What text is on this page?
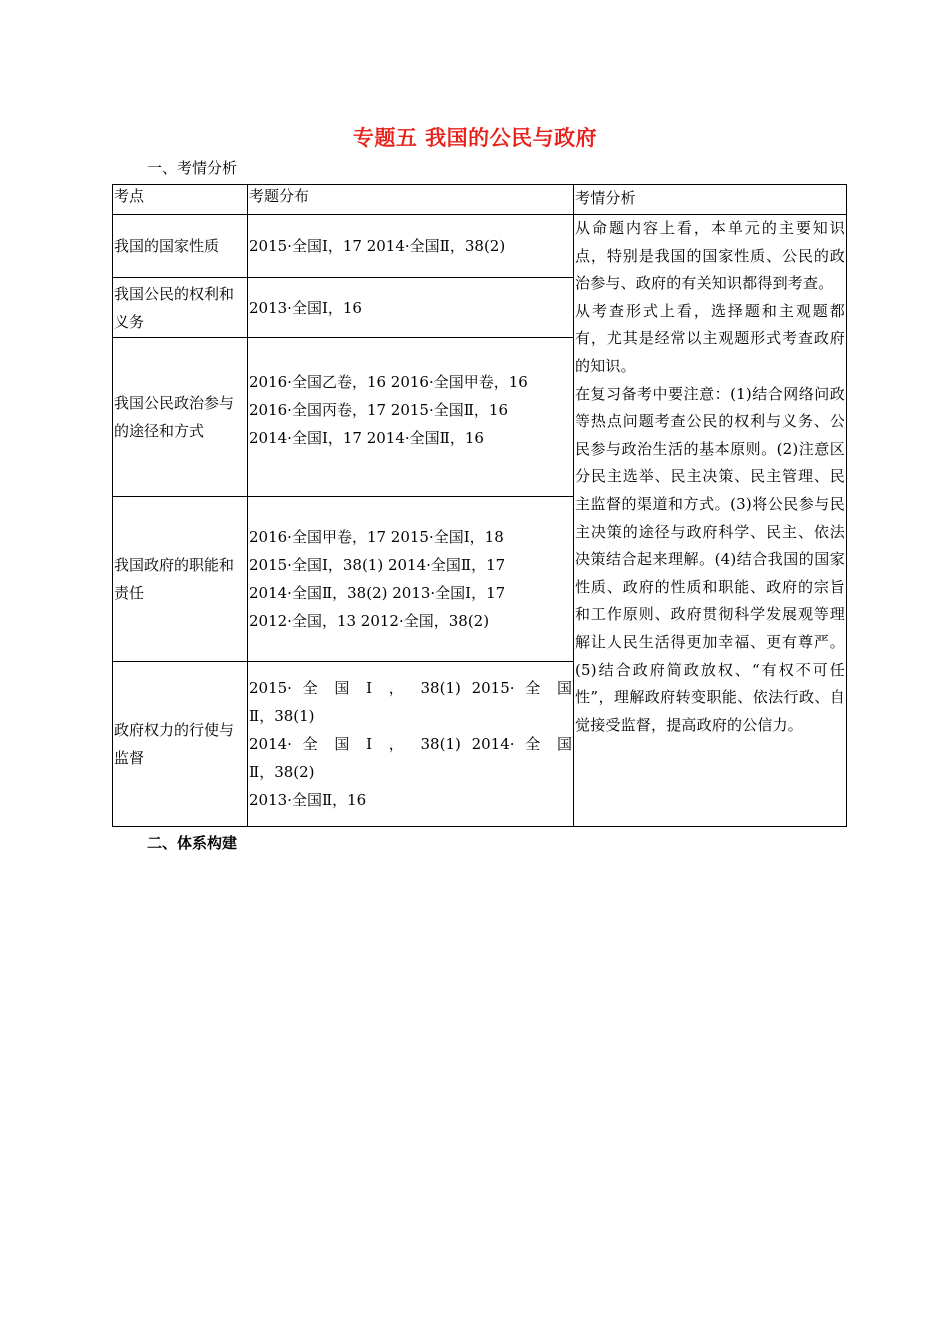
专题五 我国的公民与政府
一、考情分析
考点	考题分布	考情分析
我国的国家性质	2015·全国Ⅰ，17 2014·全国Ⅱ，38(2)	从命题内容上看，本单元的主要知识点，特别是我国的国家性质、公民的政治参与、政府的有关知识都得到考查。
从考查形式上看，选择题和主观题都有，尤其是经常以主观题形式考查政府的知识。
在复习备考中要注意：(1)结合网络问政等热点问题考查公民的权利与义务、公民参与政治生活的基本原则。(2)注意区分民主选举、民主决策、民主管理、民主监督的渠道和方式。(3)将公民参与民主决策的途径与政府科学、民主、依法决策结合起来理解。(4)结合我国的国家性质、政府的性质和职能、政府的宗旨和工作原则、政府贯彻科学发展观等理解让人民生活得更加幸福、更有尊严。(5)结合政府简政放权、“有权不可任性”，理解政府转变职能、依法行政、自觉接受监督，提高政府的公信力。

我国公民的权利和义务	2013·全国Ⅰ，16	

我国公民政治参与的途径和方式	2016·全国乙卷，16 2016·全国甲卷，16
2016·全国丙卷，17 2015·全国Ⅱ，16
2014·全国Ⅰ，17 2014·全国Ⅱ，16	

我国政府的职能和责任	2016·全国甲卷，17 2015·全国Ⅰ，18
2015·全国Ⅰ，38(1) 2014·全国Ⅱ，17
2014·全国Ⅱ，38(2) 2013·全国Ⅰ，17
2012·全国，13 2012·全国，38(2)	

政府权力的行使与监督	2015· 全 国 Ⅰ ， 38(1) 2015· 全 国
Ⅱ，38(1)
2014· 全 国 Ⅰ ， 38(1) 2014· 全 国
Ⅱ，38(2)
2013·全国Ⅱ，16	
二、体系构建
